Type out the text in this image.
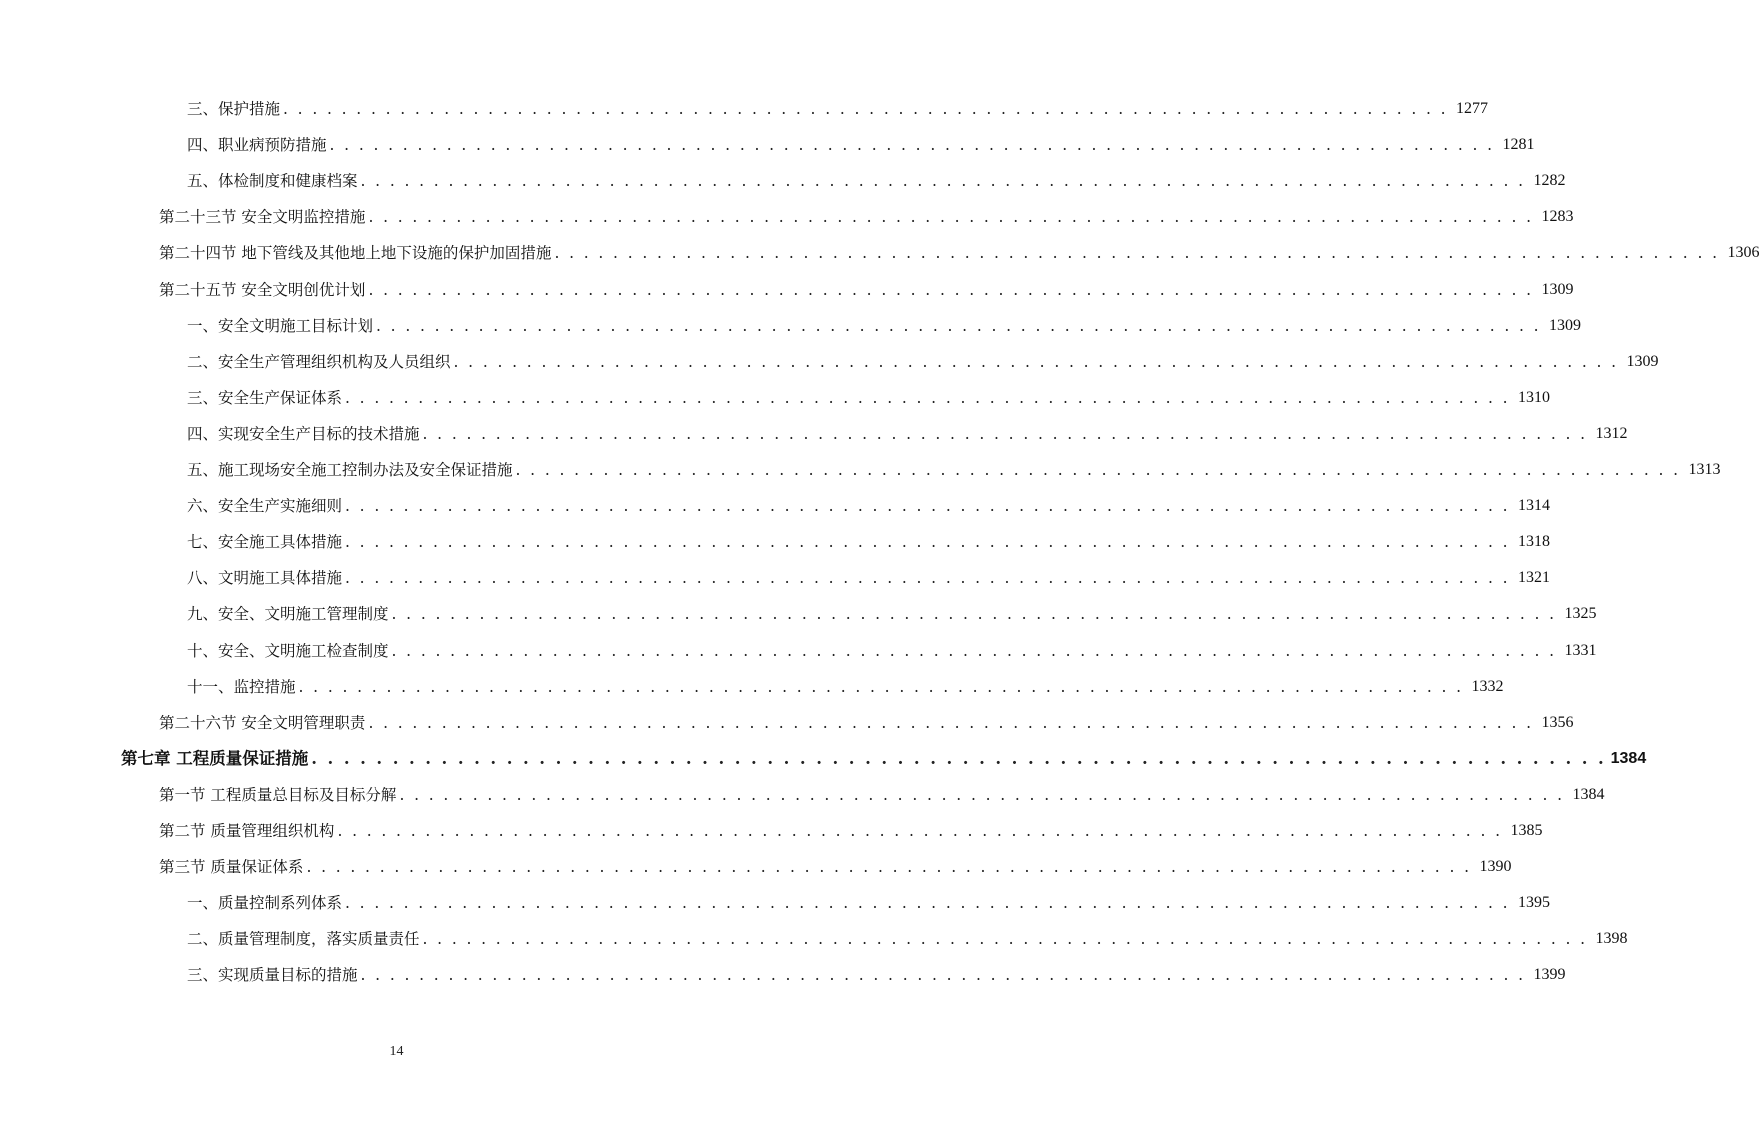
三、保护措施 . . . . . . . . . . . . . . . . . . . . . . . . . . . . . . . . . . . . . . . . . . . . . . . . . . . . . . . . . . . . . . . . . . . . . . . . . . . . . . . . 1277
四、职业病预防措施 . . . . . . . . . . . . . . . . . . . . . . . . . . . . . . . . . . . . . . . . . . . . . . . . . . . . . . . . . . . . . . . . . . . . . . . . . . . . . . . . 1281
五、体检制度和健康档案 . . . . . . . . . . . . . . . . . . . . . . . . . . . . . . . . . . . . . . . . . . . . . . . . . . . . . . . . . . . . . . . . . . . . . . . . . . . . . . . . 1282
第二十三节 安全文明监控措施 . . . . . . . . . . . . . . . . . . . . . . . . . . . . . . . . . . . . . . . . . . . . . . . . . . . . . . . . . . . . . . . . . . . . . . . . . . . . . . . . 1283
第二十四节 地下管线及其他地上地下设施的保护加固措施 . . . . . . . . . . . . . . . . . . . . . . . . . . . . . . . . . . . . . . . . . . . . . . . . . . . . . . . . . . . . . . . . . . . . . . . . . . . . . . . . 1306
第二十五节 安全文明创优计划 . . . . . . . . . . . . . . . . . . . . . . . . . . . . . . . . . . . . . . . . . . . . . . . . . . . . . . . . . . . . . . . . . . . . . . . . . . . . . . . . 1309
一、安全文明施工目标计划 . . . . . . . . . . . . . . . . . . . . . . . . . . . . . . . . . . . . . . . . . . . . . . . . . . . . . . . . . . . . . . . . . . . . . . . . . . . . . . . . 1309
二、安全生产管理组织机构及人员组织 . . . . . . . . . . . . . . . . . . . . . . . . . . . . . . . . . . . . . . . . . . . . . . . . . . . . . . . . . . . . . . . . . . . . . . . . . . . . . . . . 1309
三、安全生产保证体系 . . . . . . . . . . . . . . . . . . . . . . . . . . . . . . . . . . . . . . . . . . . . . . . . . . . . . . . . . . . . . . . . . . . . . . . . . . . . . . . . 1310
四、实现安全生产目标的技术措施 . . . . . . . . . . . . . . . . . . . . . . . . . . . . . . . . . . . . . . . . . . . . . . . . . . . . . . . . . . . . . . . . . . . . . . . . . . . . . . . . 1312
五、施工现场安全施工控制办法及安全保证措施 . . . . . . . . . . . . . . . . . . . . . . . . . . . . . . . . . . . . . . . . . . . . . . . . . . . . . . . . . . . . . . . . . . . . . . . . . . . . . . . . 1313
六、安全生产实施细则 . . . . . . . . . . . . . . . . . . . . . . . . . . . . . . . . . . . . . . . . . . . . . . . . . . . . . . . . . . . . . . . . . . . . . . . . . . . . . . . . 1314
七、安全施工具体措施 . . . . . . . . . . . . . . . . . . . . . . . . . . . . . . . . . . . . . . . . . . . . . . . . . . . . . . . . . . . . . . . . . . . . . . . . . . . . . . . . 1318
八、文明施工具体措施 . . . . . . . . . . . . . . . . . . . . . . . . . . . . . . . . . . . . . . . . . . . . . . . . . . . . . . . . . . . . . . . . . . . . . . . . . . . . . . . . 1321
九、安全、文明施工管理制度 . . . . . . . . . . . . . . . . . . . . . . . . . . . . . . . . . . . . . . . . . . . . . . . . . . . . . . . . . . . . . . . . . . . . . . . . . . . . . . . . 1325
十、安全、文明施工检查制度 . . . . . . . . . . . . . . . . . . . . . . . . . . . . . . . . . . . . . . . . . . . . . . . . . . . . . . . . . . . . . . . . . . . . . . . . . . . . . . . . 1331
十一、监控措施 . . . . . . . . . . . . . . . . . . . . . . . . . . . . . . . . . . . . . . . . . . . . . . . . . . . . . . . . . . . . . . . . . . . . . . . . . . . . . . . . 1332
第二十六节 安全文明管理职责 . . . . . . . . . . . . . . . . . . . . . . . . . . . . . . . . . . . . . . . . . . . . . . . . . . . . . . . . . . . . . . . . . . . . . . . . . . . . . . . . 1356
第七章 工程质量保证措施 . . . . . . . . . . . . . . . . . . . . . . . . . . . . . . . . . . . . . . . . . . . . . . . . . . . . . . . . . . . . . . . . . . . . . . . . . . . . . . . . 1384
第一节 工程质量总目标及目标分解 . . . . . . . . . . . . . . . . . . . . . . . . . . . . . . . . . . . . . . . . . . . . . . . . . . . . . . . . . . . . . . . . . . . . . . . . . . . . . . . . 1384
第二节 质量管理组织机构 . . . . . . . . . . . . . . . . . . . . . . . . . . . . . . . . . . . . . . . . . . . . . . . . . . . . . . . . . . . . . . . . . . . . . . . . . . . . . . . . 1385
第三节 质量保证体系 . . . . . . . . . . . . . . . . . . . . . . . . . . . . . . . . . . . . . . . . . . . . . . . . . . . . . . . . . . . . . . . . . . . . . . . . . . . . . . . . 1390
一、质量控制系列体系 . . . . . . . . . . . . . . . . . . . . . . . . . . . . . . . . . . . . . . . . . . . . . . . . . . . . . . . . . . . . . . . . . . . . . . . . . . . . . . . . 1395
二、质量管理制度，落实质量责任 . . . . . . . . . . . . . . . . . . . . . . . . . . . . . . . . . . . . . . . . . . . . . . . . . . . . . . . . . . . . . . . . . . . . . . . . . . . . . . . . 1398
三、实现质量目标的措施 . . . . . . . . . . . . . . . . . . . . . . . . . . . . . . . . . . . . . . . . . . . . . . . . . . . . . . . . . . . . . . . . . . . . . . . . . . . . . . . . 1399
14
